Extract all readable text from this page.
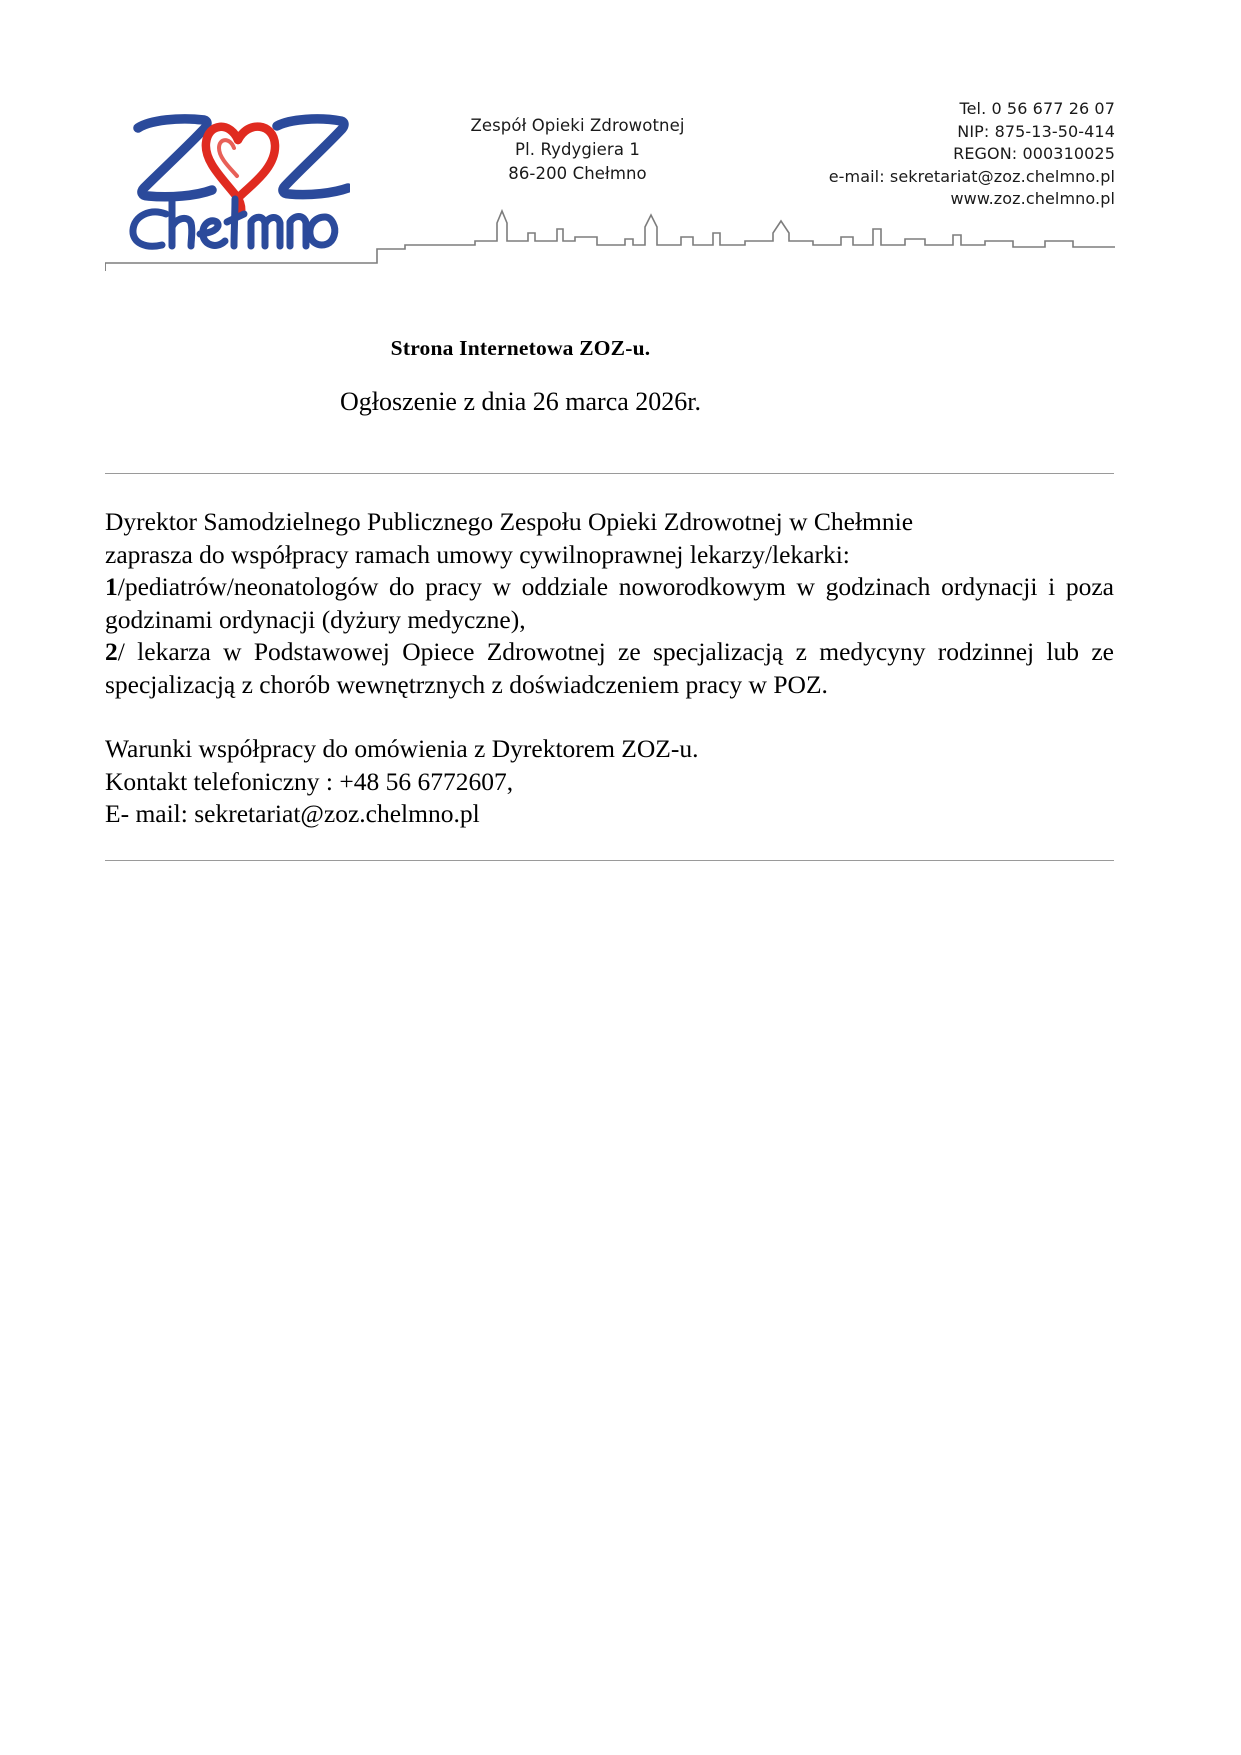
Zespół Opieki Zdrowotnej
Pl. Rydygiera 1
86-200 Chełmno
Tel. 0 56 677 26 07
NIP: 875-13-50-414
REGON: 000310025
e-mail: sekretariat@zoz.chelmno.pl
www.zoz.chelmno.pl
Strona Internetowa ZOZ-u.
Ogłoszenie z dnia 26 marca 2026r.

Dyrektor Samodzielnego Publicznego Zespołu Opieki Zdrowotnej w Chełmnie

zaprasza do współpracy ramach umowy cywilnoprawnej lekarzy/lekarki:

1/pediatrów/neonatologów do pracy w oddziale noworodkowym w godzinach ordynacji i poza godzinami ordynacji (dyżury medyczne),

2/ lekarza w Podstawowej Opiece Zdrowotnej ze specjalizacją z medycyny rodzinnej lub ze specjalizacją z chorób wewnętrznych z doświadczeniem pracy w POZ.

Warunki współpracy do omówienia z Dyrektorem ZOZ-u.

Kontakt telefoniczny : +48 56 6772607,

E- mail: sekretariat@zoz.chelmno.pl
